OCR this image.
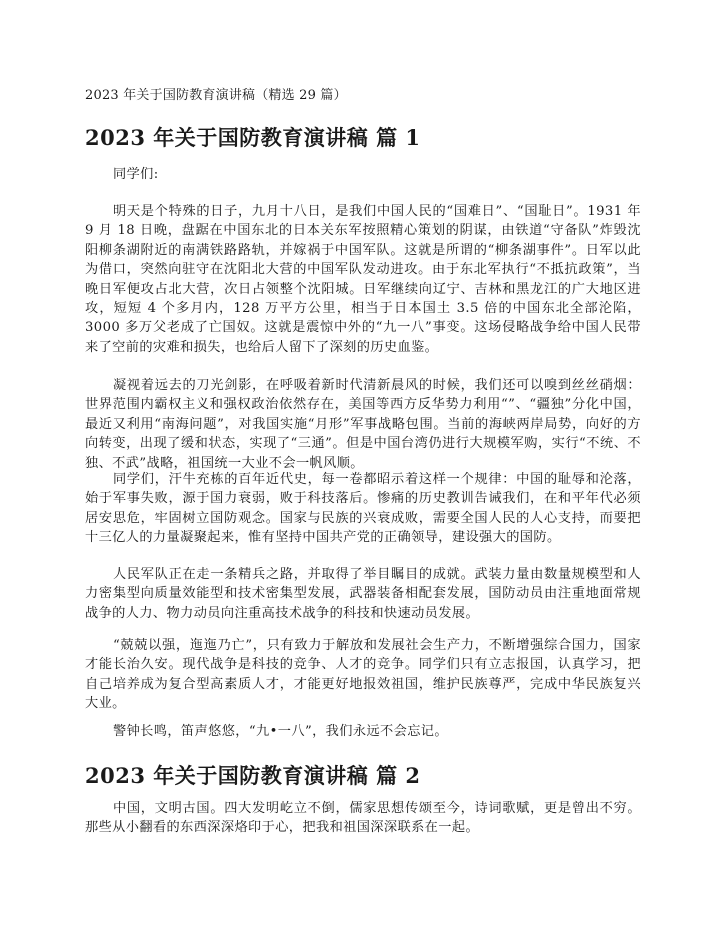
2023 年关于国防教育演讲稿（精选 29 篇）
2023 年关于国防教育演讲稿 篇 1

同学们:

明天是个特殊的日子，九月十八日，是我们中国人民的“国难日”、“国耻日”。1931 年 9 月 18 日晚，盘踞在中国东北的日本关东军按照精心策划的阴谋，由铁道“守备队”炸毁沈阳柳条湖附近的南满铁路路轨，并嫁祸于中国军队。这就是所谓的“柳条湖事件”。日军以此为借口，突然向驻守在沈阳北大营的中国军队发动进攻。由于东北军执行“不抵抗政策”，当晚日军便攻占北大营，次日占领整个沈阳城。日军继续向辽宁、吉林和黑龙江的广大地区进攻，短短 4 个多月内，128 万平方公里，相当于日本国土 3.5 倍的中国东北全部沦陷，3000 多万父老成了亡国奴。这就是震惊中外的“九一八”事变。这场侵略战争给中国人民带来了空前的灾难和损失，也给后人留下了深刻的历史血鉴。

凝视着远去的刀光剑影，在呼吸着新时代清新晨风的时候，我们还可以嗅到丝丝硝烟：世界范围内霸权主义和强权政治依然存在，美国等西方反华势力利用“”、“疆独”分化中国，最近又利用“南海问题”，对我国实施“月形”军事战略包围。当前的海峡两岸局势，向好的方向转变，出现了缓和状态，实现了“三通”。但是中国台湾仍进行大规模军购，实行“不统、不独、不武”战略，祖国统一大业不会一帆风顺。

同学们，汗牛充栋的百年近代史，每一卷都昭示着这样一个规律：中国的耻辱和沦落，始于军事失败，源于国力衰弱，败于科技落后。惨痛的历史教训告诫我们，在和平年代必须居安思危，牢固树立国防观念。国家与民族的兴衰成败，需要全国人民的人心支持，而要把十三亿人的力量凝聚起来，惟有坚持中国共产党的正确领导，建设强大的国防。

人民军队正在走一条精兵之路，并取得了举目瞩目的成就。武装力量由数量规模型和人力密集型向质量效能型和技术密集型发展，武器装备相配套发展，国防动员由注重地面常规战争的人力、物力动员向注重高技术战争的科技和快速动员发展。

“兢兢以强，迤迤乃亡”，只有致力于解放和发展社会生产力，不断增强综合国力，国家才能长治久安。现代战争是科技的竞争、人才的竞争。同学们只有立志报国，认真学习，把自己培养成为复合型高素质人才，才能更好地报效祖国，维护民族尊严，完成中华民族复兴大业。

警钟长鸣，笛声悠悠，“九•一八”，我们永远不会忘记。

2023 年关于国防教育演讲稿 篇 2

中国，文明古国。四大发明屹立不倒，儒家思想传颂至今，诗词歌赋，更是曾出不穷。那些从小翻看的东西深深烙印于心，把我和祖国深深联系在一起。
